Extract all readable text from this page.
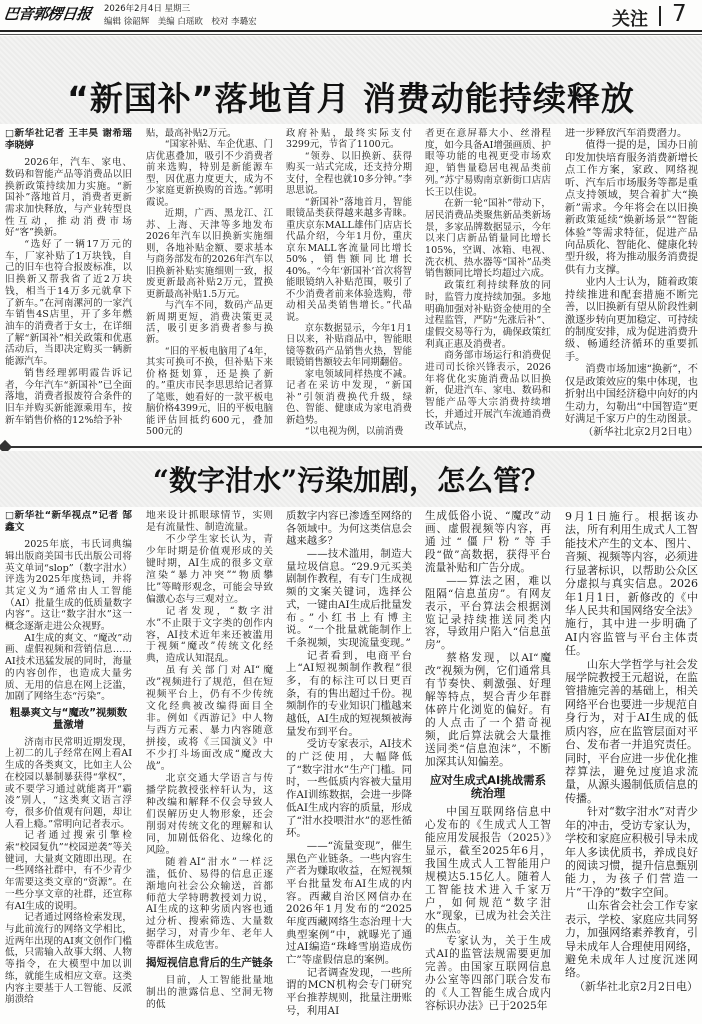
巴音郭楞日报 2026年2月4日 星期三
编辑 徐韶辉　美编 白瑶欧　校对 李璐宏	关注 7
“新国补”落地首月 消费动能持续释放

□新华社记者 王丰昊 谢希瑶 李晓婷

2026年，汽车、家电、数码和智能产品等消费品以旧换新政策持续加力实施。“新国补”落地首月，消费者更新需求加快释放，与产业转型良性互动，推动消费市场好“客”换新。

“选好了一辆17万元的车，厂家补贴了1万块钱，自己的旧车也符合报废标准，以旧换新又帮我省了近2万块钱，相当于14万多元就拿下了新车。”在河南漯河的一家汽车销售4S店里，开了多年燃油车的消费者于女士，在详细了解“新国补”相关政策和优惠活动后，当即决定购买一辆新能源汽车。

销售经理郭明霞告诉记者，今年汽车“新国补”已全面落地，消费者报废符合条件的旧车并购买新能源乘用车，按新车销售价格的12%给予补

贴，最高补贴2万元。

“国家补贴、车企优惠、门店优惠叠加，吸引不少消费者前来选购，特别是新能源车型，因优惠力度更大，成为不少家庭更新换购的首选。”郭明霞说。

近期，广西、黑龙江、江苏、上海、天津等多地发布2026年汽车以旧换新实施细则，各地补贴金额、要求基本与商务部发布的2026年汽车以旧换新补贴实施细则一致，报废更新最高补贴2万元，置换更新最高补贴1.5万元。

与汽车不同，数码产品更新周期更短，消费决策更灵活，吸引更多消费者参与换新。

“旧的平板电脑用了4年，其实可换可不换，但补贴下来价格挺划算，还是换了新的。”重庆市民李思思给记者算了笔账，她看好的一款平板电脑价格4399元，旧的平板电脑能评估回抵约600元，叠加500元的

政府补贴，最终实际支付3299元，节省了1100元。

“领券、以旧换新、获得购买一站式完成，还支持分期支付，全程也就10多分钟。”李思思说。

“新国补”落地首月，智能眼镜品类获得越来越多青睐。重庆京东MALL雄伟门店店长代晶介绍，今年1月份，重庆京东MALL客流量同比增长50%，销售额同比增长40%。“今年‘新国补’首次将智能眼镜纳入补贴范围，吸引了不少消费者前来体验选购，带动相关品类销售增长。”代晶说。

京东数据显示，今年1月1日以来，补贴商品中，智能眼镜等数码产品销售火热，智能眼镜销售额较去年同期翻倍。

家电领域同样热度不减。记者在采访中发现，“新国补”引领消费换代升级，绿色、智能、健康成为家电消费新趋势。

“以电视为例，以前消费

者更在意屏幕大小、丝滑程度，如今具备AI增强画质、护眼等功能的电视更受市场欢迎，销售量稳居电视品类前列。”苏宁易购南京新街口店店长王以佳说。

在新一轮“国补”带动下，居民消费品类聚焦新品类新场景，多家品牌数据显示，今年以来门店新品销量同比增长105%，空调、冰箱、电视、洗衣机、热水器等“国补”品类销售额同比增长均超过六成。

政策红利持续释放的同时，监管力度持续加强。多地明确加强对补贴资金使用的全过程监管，严防“先涨后补”、虚假交易等行为，确保政策红利真正惠及消费者。

商务部市场运行和消费促进司司长徐兴锋表示，2026年将优化实施消费品以旧换新，促进汽车、家电、数码和智能产品等大宗消费持续增长，并通过开展汽车流通消费改革试点，

进一步释放汽车消费潜力。

值得一提的是，国办日前印发加快培育服务消费新增长点工作方案，家政、网络视听、汽车后市场服务等都是重点支持领域，契合着扩大“换新”需求。今年将会在以旧换新政策延续“焕新场景”“智能体验”等需求特征，促进产品向品质化、智能化、健康化转型升级，将为推动服务消费提供有力支撑。

业内人士认为，随着政策持续推进和配套措施不断完善，以旧换新有望从阶段性刺激逐步转向更加稳定、可持续的制度安排，成为促进消费升级、畅通经济循环的重要抓手。

消费市场加速“换新”，不仅是政策效应的集中体现，也折射出中国经济稳中向好的内生动力，勾勒出“中国智造”更好满足千家万户的生动图景。

（新华社北京2月2日电）

“数字泔水”污染加剧，怎么管？

□新华社“新华视点”记者 郜鑫文

2025年底，韦氏词典编辑出版商美国韦氏出版公司将英文单词“slop”（数字泔水）评选为2025年度热词，并将其定义为“通常由人工智能（AI）批量生成的低质量数字内容”。这让“数字泔水”这一概念逐渐走进公众视野。

AI生成的爽文、“魔改”动画、虚假视频和营销信息……AI技术迅猛发展的同时，海量的内容创作，也造成大量劣质、无用的信息在网上泛滥，加剧了网络生态“污染”。

粗暴爽文与“魔改”视频数量激增

济南市民常明近期发现，上初二的儿子经常在网上看AI生成的各类爽文，比如主人公在校园以暴制暴获得“掌权”，或不要学习通过就能离开“霸凌”别人，“这类爽文语言浮夸，很多价值观有问题，却让人看上瘾。”常明向记者表示。

记者通过搜索引擎检索“校园复仇”“校园逆袭”等关键词，大量爽文随即出现。在一些网络社群中，有不少青少年需要这类文章的“资源”。在一些分享文章的社群，还宣称有AI生成的说明。

记者通过网络检索发现，与此前流行的网络文学相比，近两年出现的AI爽文创作门槛低，只需输入故事大纲、人物等指令，在大模型中加以训练，就能生成相应文章。这类内容主要基于人工智能、反派崩溃给

地来设计抓眼球情节，实则是有流量性、制造流量。

不少学生家长认为，青少年时期是价值观形成的关键时期，AI生成的很多文章渲染“暴力冲突”“物质攀比”等畸形观念，可能会导致偏激心态与三观对立。

记者发现，“数字泔水”不止限于文字类的创作内容，AI技术近年来还被滥用于视频“魔改”传统文化经典，造成认知混乱。

虽有关部门对AI“魔改”视频进行了规范，但在短视频平台上，仍有不少传统文化经典被改编得面目全非。例如《西游记》中人物与西方元素、暴力内容随意拼接，或将《三国演义》中不少打斗场面改成“魔改大战”。

北京交通大学语言与传播学院教授张梓轩认为，这种改编和解释不仅会导致人们误解历史人物形象，还会削弱对传统文化的理解和认同，加剧低俗化、边缘化的风险。

随着AI“泔水”一样泛滥，低价、易得的信息正逐渐地向社会公众输送，首都师范大学特聘教授刘力说，AI生成的这种劣质内容也通过分析、搜索筛选、大量数据学习，对青少年、老年人等群体生成危害。

揭短视信息背后的生产链条

目前，人工智能批量地制出的泄露信息、空洞无物的低

质数字内容已渗透至网络的各领域中。为何这类信息会越来越多？

——技术滥用，制造大量垃圾信息。“29.9元买美剧制作教程，有专门生成视频的文案关键词，选择公式，一键由AI生成后批量发布。”小红书上有博主说。“一个批量就能制作上千条视频，实现流量变现。”

记者看到，电商平台上“AI短视频制作教程”很多，有的标注可以日更百条，有的售出超过千份。视频制作的专业知识门槛越来越低，AI生成的短视频被海量发布到平台。

受访专家表示，AI技术的广泛使用，大幅降低了“数字泔水”生产门槛。同时，一些低质内容被大量用作AI训练数据，会进一步降低AI生成内容的质量，形成了“泔水投喂泔水”的恶性循环。

——“流量变现”，催生黑色产业链条。一些内容生产者为赚取收益，在短视频平台批量发布AI生成的内容。西藏自治区网信办在2026年1月发布的“2025年度西藏网络生态治理十大典型案例”中，就曝光了通过AI编造“珠峰雪崩造成伤亡”等虚假信息的案例。

记者调查发现，一些所谓的MCN机构会专门研究平台推荐规则，批量注册账号，利用AI

生成低俗小说、“魔改”动画、虚假视频等内容，再通过“僵尸粉”等手段“做”高数据，获得平台流量补贴和广告分成。

——算法之困，难以阻隔“信息茧房”。有网友表示，平台算法会根据浏览记录持续推送同类内容，导致用户陷入“信息茧房”。

蔡格发现，以AI“魔改”视频为例，它们通常具有节奏快、刺激强、好理解等特点，契合青少年群体碎片化浏览的偏好。有的人点击了一个猎奇视频，此后算法就会大量推送同类“信息泡沫”，不断加深其认知偏差。

应对生成式AI挑战需系统治理

中国互联网络信息中心发布的《生成式人工智能应用发展报告（2025）》显示，截至2025年6月，我国生成式人工智能用户规模达5.15亿人。随着人工智能技术进入千家万户，如何规范“数字泔水”现象，已成为社会关注的焦点。

专家认为，关于生成式AI的监管法规需要更加完善。由国家互联网信息办公室等四部门联合发布的《人工智能生成合成内容标识办法》已于2025年

9月1日施行。根据该办法，所有利用生成式人工智能技术产生的文本、图片、音频、视频等内容，必须进行显著标识，以帮助公众区分虚拟与真实信息。2026年1月1日，新修改的《中华人民共和国网络安全法》施行，其中进一步明确了AI内容监管与平台主体责任。

山东大学哲学与社会发展学院教授王元超说，在监管措施完善的基础上，相关网络平台也要进一步规范自身行为，对于AI生成的低质内容，应在监管层面对平台、发布者一并追究责任。同时，平台应进一步优化推荐算法，避免过度追求流量，从源头遏制低质信息的传播。

针对“数字泔水”对青少年的冲击，受访专家认为，学校和家庭应积极引导未成年人多读优质书，养成良好的阅读习惯，提升信息甄别能力，为孩子们营造一片“干净的”数字空间。

山东省会社会工作专家表示，学校、家庭应共同努力，加强网络素养教育，引导未成年人合理使用网络，避免未成年人过度沉迷网络。

（新华社北京2月2日电）
